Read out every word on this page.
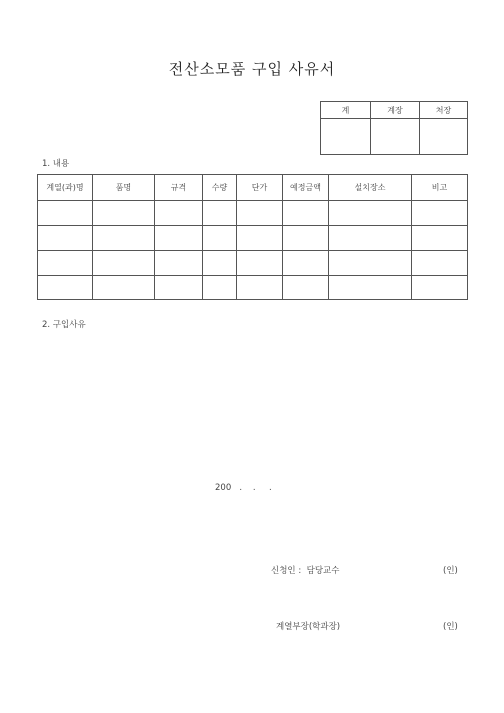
전산소모품 구입 사유서
계	계장	처장

1. 내용
계열(과)명	품명	규격	수량	단가	예정금액	설치장소	비고

2. 구입사유
200   .    .     .
신청인 :  담당교수	(인)
계열부장(학과장)	(인)
